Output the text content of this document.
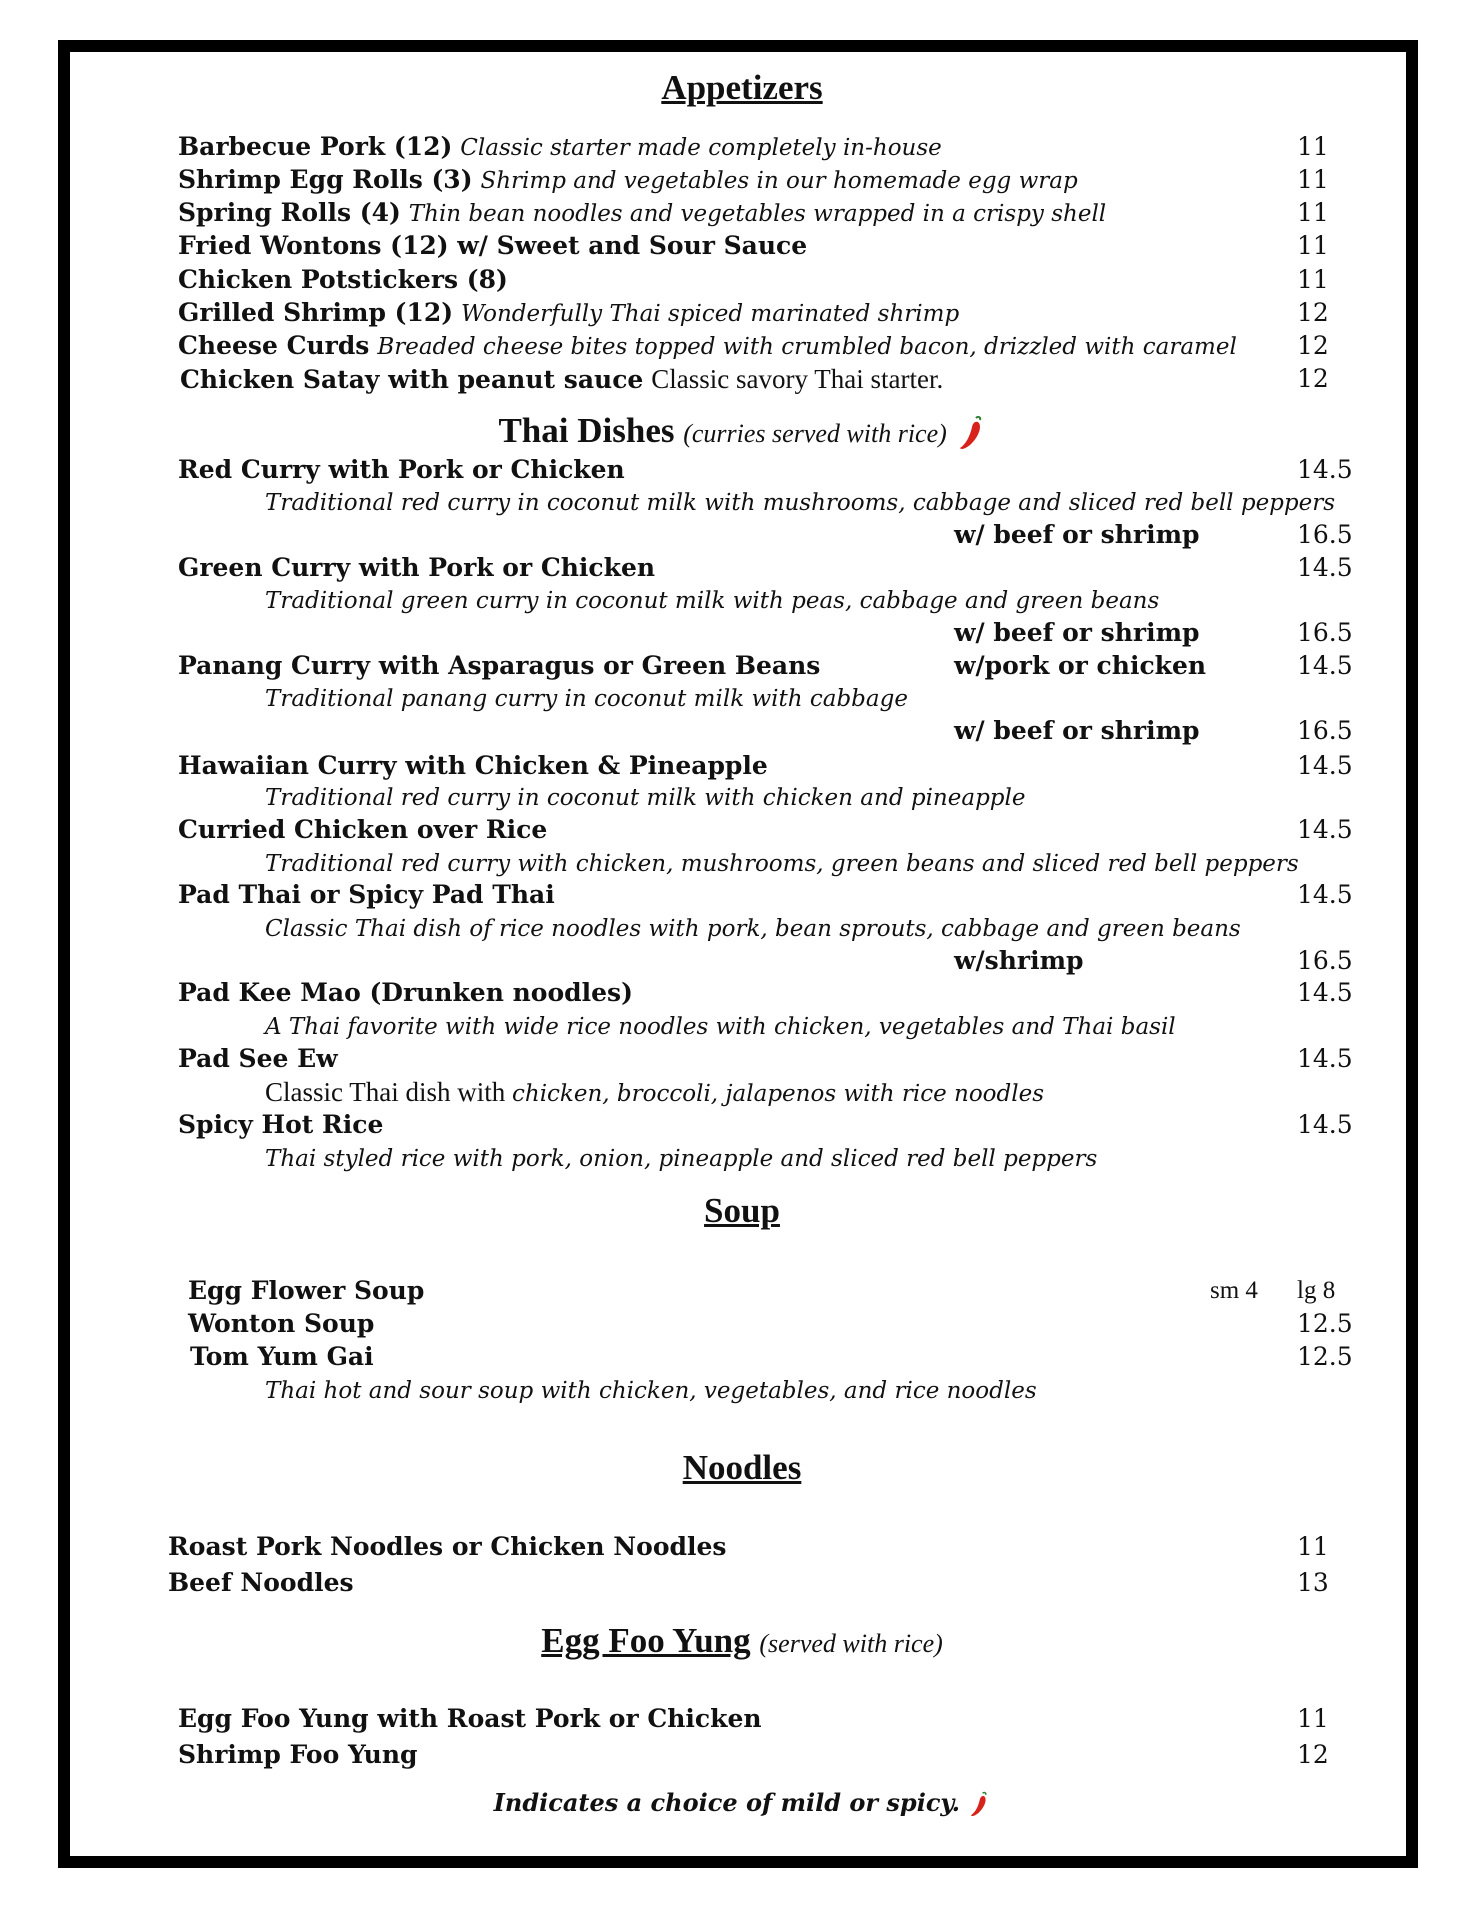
Appetizers
Barbecue Pork (12) Classic starter made completely in-house	11
Shrimp Egg Rolls (3) Shrimp and vegetables in our homemade egg wrap	11
Spring Rolls (4) Thin bean noodles and vegetables wrapped in a crispy shell	11
Fried Wontons (12) w/ Sweet and Sour Sauce	11
Chicken Potstickers (8)	11
Grilled Shrimp (12) Wonderfully Thai spiced marinated shrimp	12
Cheese Curds Breaded cheese bites topped with crumbled bacon, drizzled with caramel 12
Chicken Satay with peanut sauce Classic savory Thai starter.	12
Thai Dishes (curries served with rice)
Red Curry with Pork or Chicken	14.5
Traditional red curry in coconut milk with mushrooms, cabbage and sliced red bell peppers
w/ beef or shrimp	16.5
Green Curry with Pork or Chicken	14.5
Traditional green curry in coconut milk with peas, cabbage and green beans
w/ beef or shrimp	16.5
Panang Curry with Asparagus or Green Beans	w/pork or chicken	14.5
Traditional panang curry in coconut milk with cabbage
w/ beef or shrimp	16.5
Hawaiian Curry with Chicken & Pineapple	14.5
Traditional red curry in coconut milk with chicken and pineapple
Curried Chicken over Rice	14.5
Traditional red curry with chicken, mushrooms, green beans and sliced red bell peppers
Pad Thai or Spicy Pad Thai	14.5
Classic Thai dish of rice noodles with pork, bean sprouts, cabbage and green beans
w/shrimp	16.5
Pad Kee Mao (Drunken noodles)	14.5
A Thai favorite with wide rice noodles with chicken, vegetables and Thai basil
Pad See Ew	14.5
Classic Thai dish with chicken, broccoli, jalapenos with rice noodles
Spicy Hot Rice	14.5
Thai styled rice with pork, onion, pineapple and sliced red bell peppers
Soup
Egg Flower Soup	sm 4 lg 8
Wonton Soup	12.5
Tom Yum Gai	12.5
Thai hot and sour soup with chicken, vegetables, and rice noodles
Noodles
Roast Pork Noodles or Chicken Noodles	11
Beef Noodles	13
Egg Foo Yung (served with rice)
Egg Foo Yung with Roast Pork or Chicken	11
Shrimp Foo Yung	12
Indicates a choice of mild or spicy.
